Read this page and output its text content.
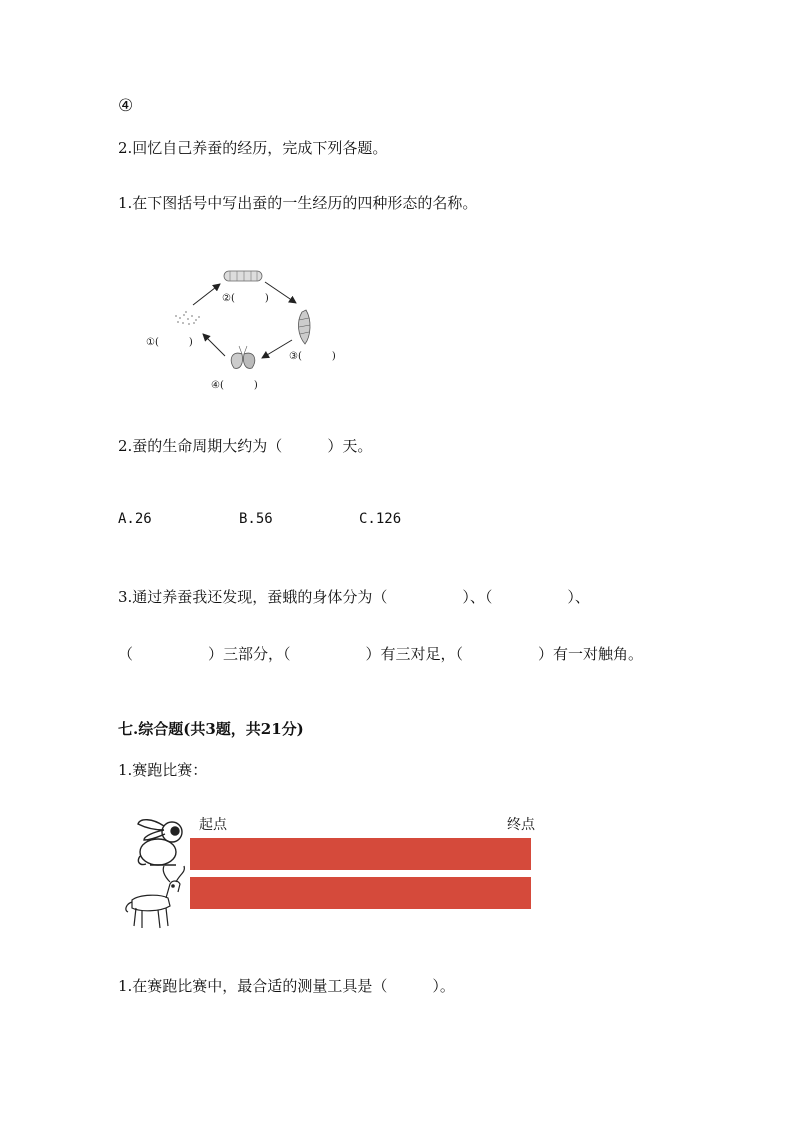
④
2.回忆自己养蚕的经历，完成下列各题。
1.在下图括号中写出蚕的一生经历的四种形态的名称。
①(　　　)
②(　　　)
③(　　　)
④(　　　)
2.蚕的生命周期大约为（　　　）天。
A.26	B.56	C.126
3.通过养蚕我还发现，蚕蛾的身体分为（　　　　　）、（　　　　　）、
（　　　　　）三部分，（　　　　　）有三对足，（　　　　　）有一对触角。
七.综合题(共3题，共21分)
1.赛跑比赛：
起点	终点
1.在赛跑比赛中，最合适的测量工具是（　　　）。
